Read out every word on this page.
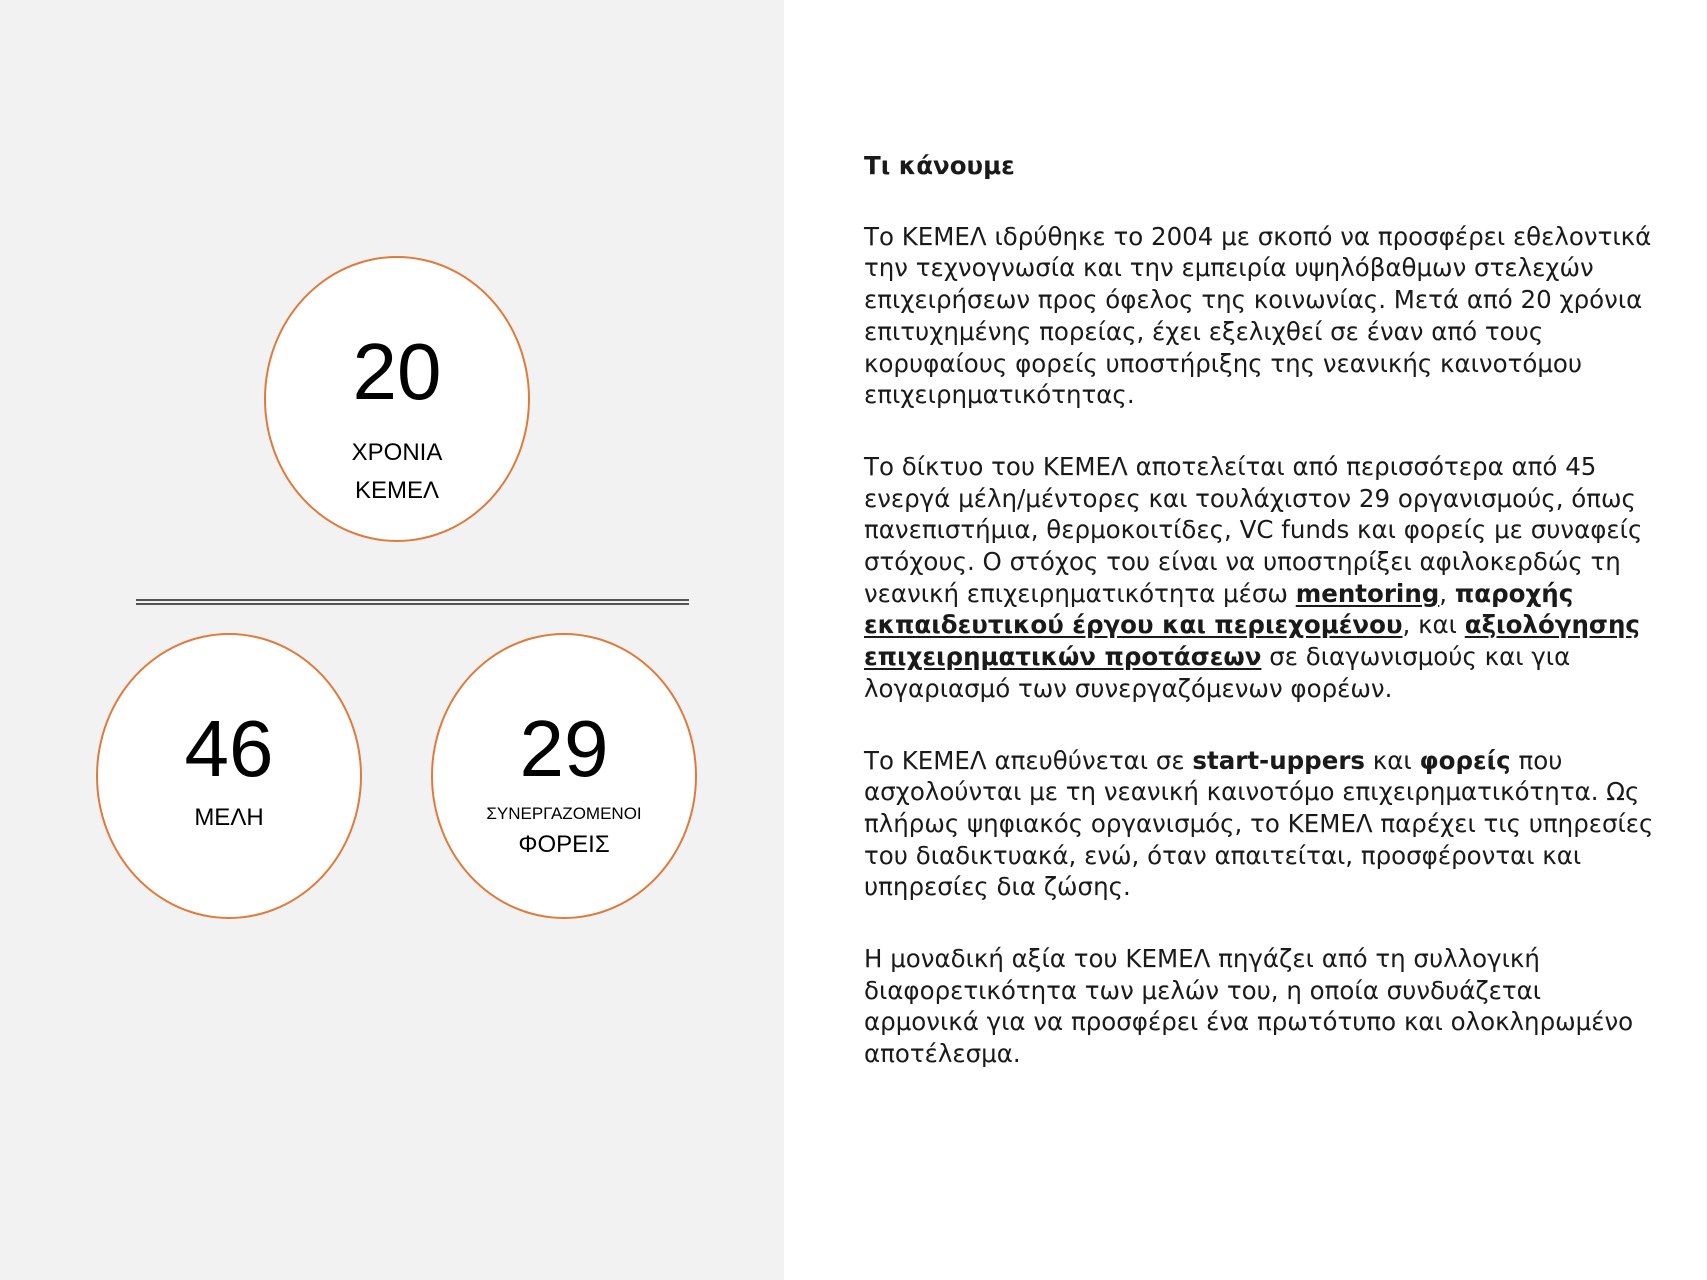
20
ΧΡΟΝΙΑ
ΚΕΜΕΛ
46
ΜΕΛΗ
29
ΣΥΝΕΡΓΑΖΟΜΕΝΟΙ
ΦΟΡΕΙΣ
Τι κάνουμε

Το ΚΕΜΕΛ ιδρύθηκε το 2004 με σκοπό να προσφέρει εθελοντικά την τεχνογνωσία και την εμπειρία υψηλόβαθμων στελεχών επιχειρήσεων προς όφελος της κοινωνίας. Μετά από 20 χρόνια επιτυχημένης πορείας, έχει εξελιχθεί σε έναν από τους κορυφαίους φορείς υποστήριξης της νεανικής καινοτόμου επιχειρηματικότητας.

Το δίκτυο του ΚΕΜΕΛ αποτελείται από περισσότερα από 45 ενεργά μέλη/μέντορες και τουλάχιστον 29 οργανισμούς, όπως πανεπιστήμια, θερμοκοιτίδες, VC funds και φορείς με συναφείς στόχους. Ο στόχος του είναι να υποστηρίξει αφιλοκερδώς τη νεανική επιχειρηματικότητα μέσω mentoring, παροχής εκπαιδευτικού έργου και περιεχομένου, και αξιολόγησης επιχειρηματικών προτάσεων σε διαγωνισμούς και για λογαριασμό των συνεργαζόμενων φορέων.

Το ΚΕΜΕΛ απευθύνεται σε start-uppers και φορείς που ασχολούνται με τη νεανική καινοτόμο επιχειρηματικότητα. Ως πλήρως ψηφιακός οργανισμός, το ΚΕΜΕΛ παρέχει τις υπηρεσίες του διαδικτυακά, ενώ, όταν απαιτείται, προσφέρονται και υπηρεσίες δια ζώσης.

Η μοναδική αξία του ΚΕΜΕΛ πηγάζει από τη συλλογική διαφορετικότητα των μελών του, η οποία συνδυάζεται αρμονικά για να προσφέρει ένα πρωτότυπο και ολοκληρωμένο αποτέλεσμα.
